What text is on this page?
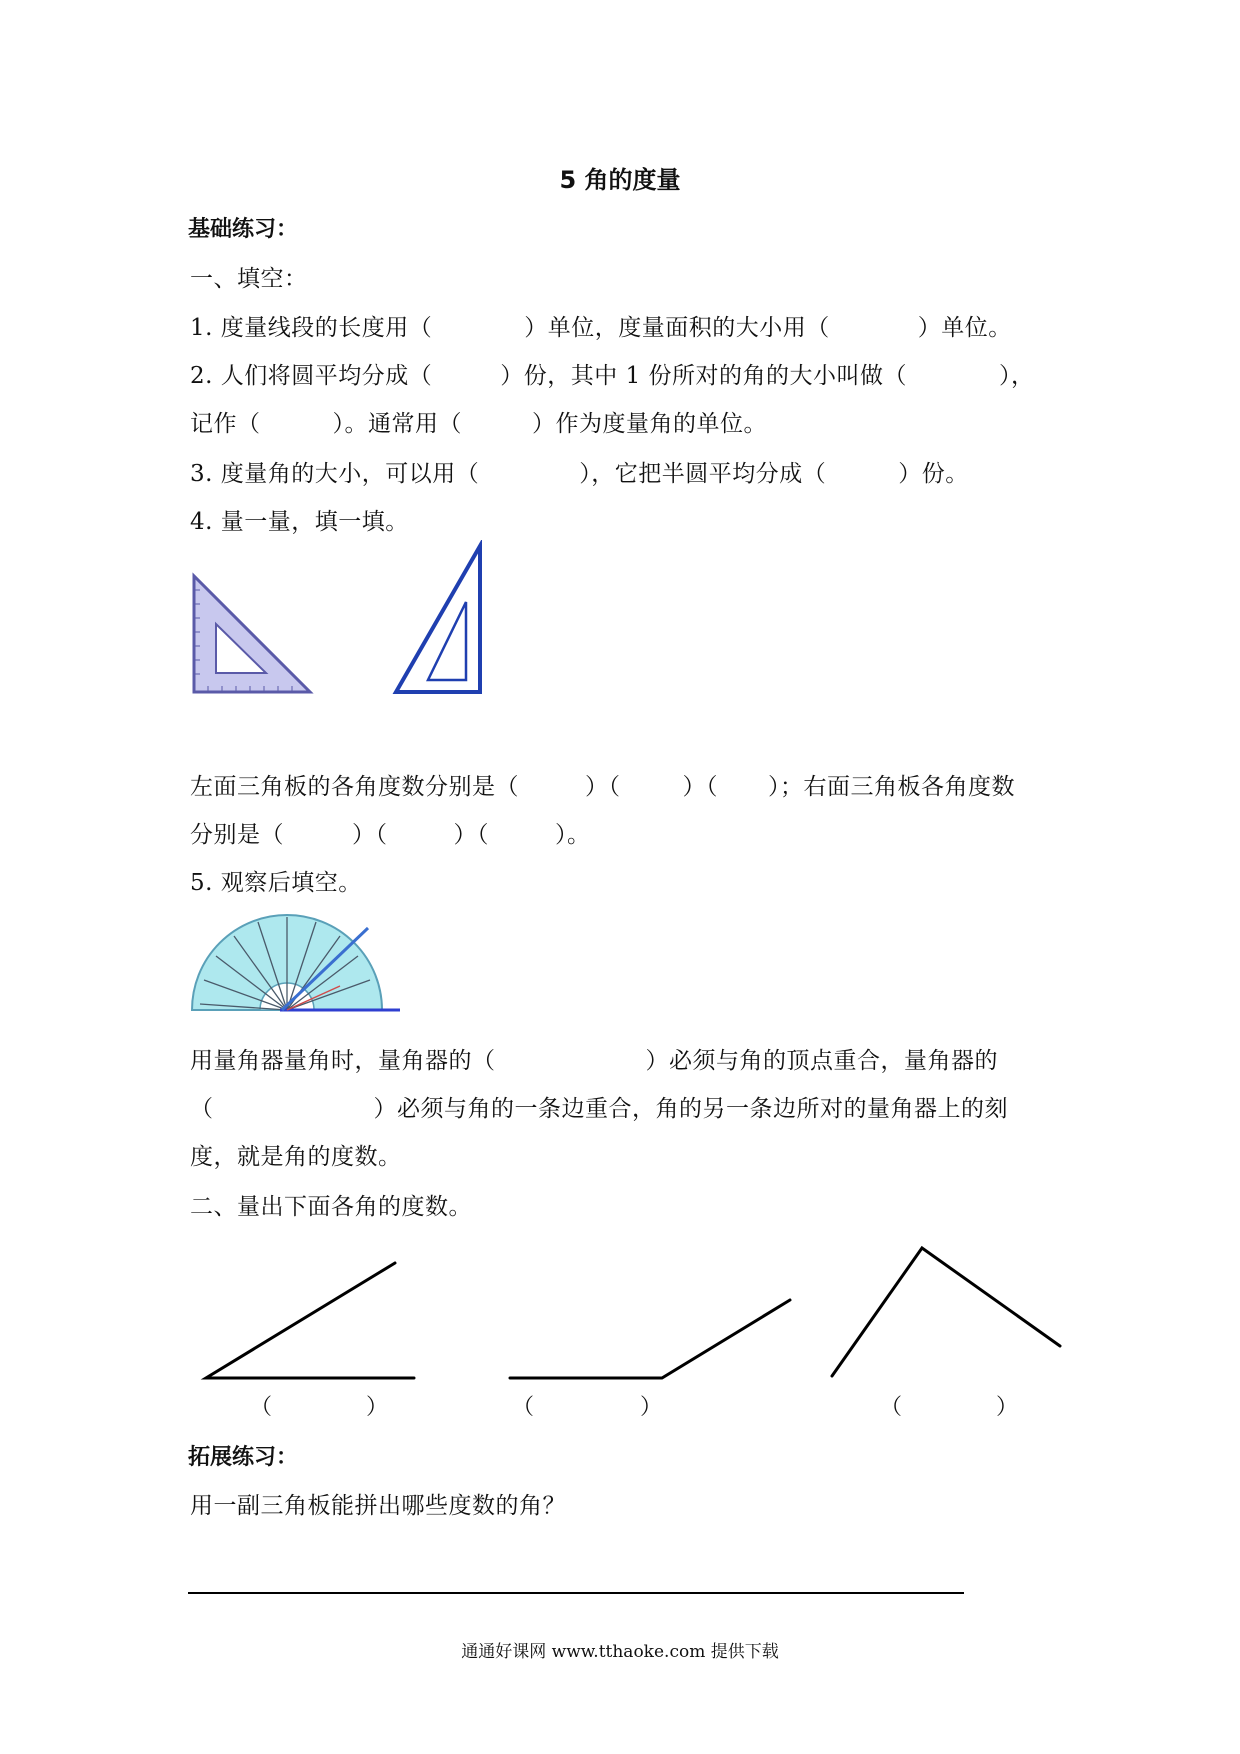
5 角的度量
基础练习：
一、填空：
1. 度量线段的长度用（	）单位，度量面积的大小用（	）单位。
2. 人们将圆平均分成（	）份，其中 1 份所对的角的大小叫做（	），
记作（	）。通常用（	）作为度量角的单位。
3. 度量角的大小，可以用（	），它把半圆平均分成（	）份。
4. 量一量，填一填。
左面三角板的各角度数分别是（	）（	）（ ）；右面三角板各角度数
分别是（	）（	）（	）。
5. 观察后填空。
用量角器量角时，量角器的（	）必须与角的顶点重合，量角器的
（	）必须与角的一条边重合，角的另一条边所对的量角器上的刻
度，就是角的度数。
二、量出下面各角的度数。
（	）	（	）	（	）
拓展练习：
用一副三角板能拼出哪些度数的角？
通通好课网 www.tthaoke.com 提供下载
